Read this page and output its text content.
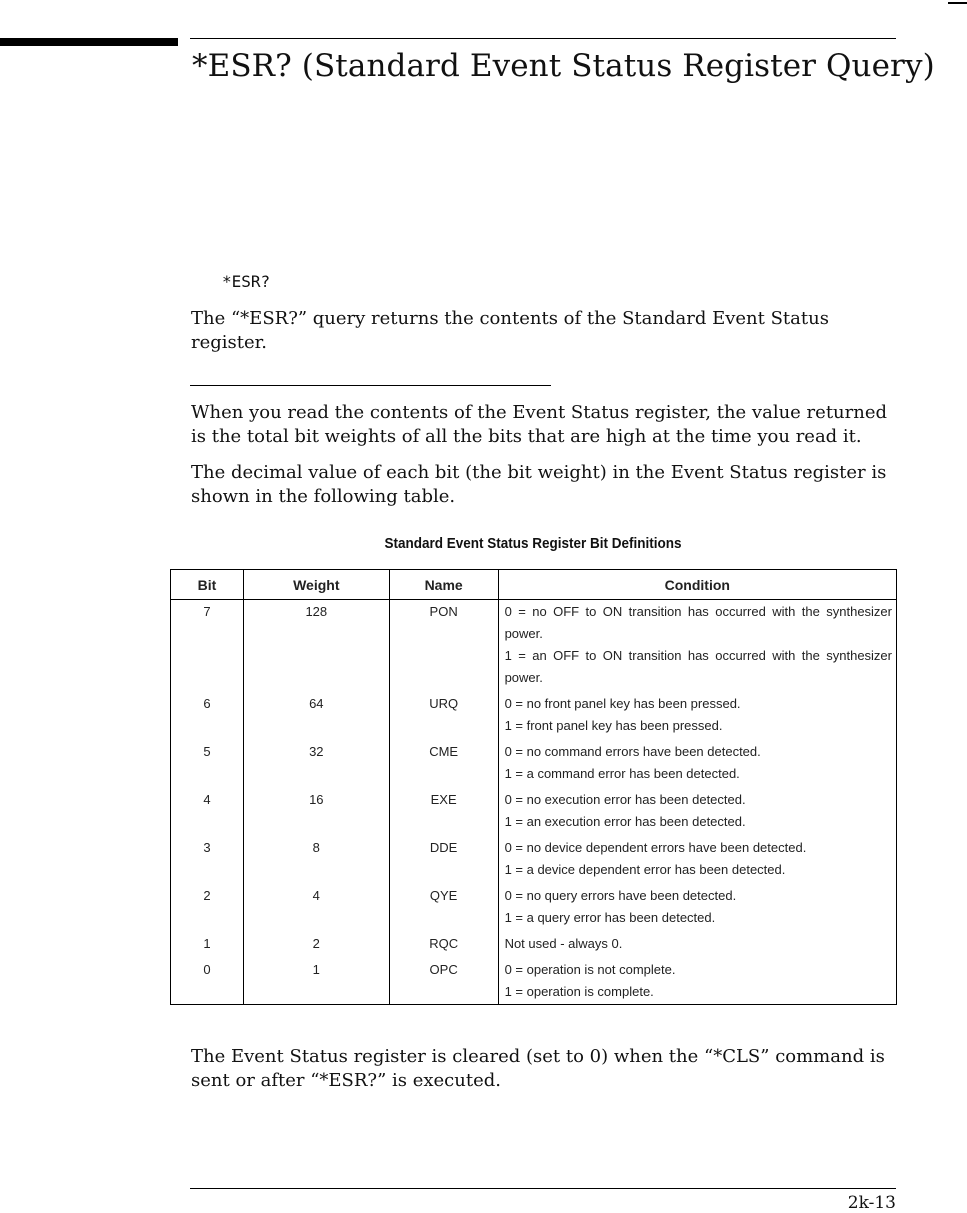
*ESR? (Standard Event Status Register Query)
*ESR?

The “*ESR?” query returns the contents of the Standard Event Status register.

When you read the contents of the Event Status register, the value returned is the total bit weights of all the bits that are high at the time you read it.

The decimal value of each bit (the bit weight) in the Event Status register is shown in the following table.

Standard Event Status Register Bit Definitions
Bit	Weight	Name	Condition
7	128	PON	0 = no OFF to ON transition has occurred with the synthesizer power.
1 = an OFF to ON transition has occurred with the synthesizer power.

6	64	URQ	0 = no front panel key has been pressed.
1 = front panel key has been pressed.

5	32	CME	0 = no command errors have been detected.
1 = a command error has been detected.

4	16	EXE	0 = no execution error has been detected.
1 = an execution error has been detected.

3	8	DDE	0 = no device dependent errors have been detected.
1 = a device dependent error has been detected.

2	4	QYE	0 = no query errors have been detected.
1 = a query error has been detected.

1	2	RQC	Not used - always 0.

0	1	OPC	0 = operation is not complete.
1 = operation is complete.

The Event Status register is cleared (set to 0) when the “*CLS” command is sent or after “*ESR?” is executed.

2k-13
